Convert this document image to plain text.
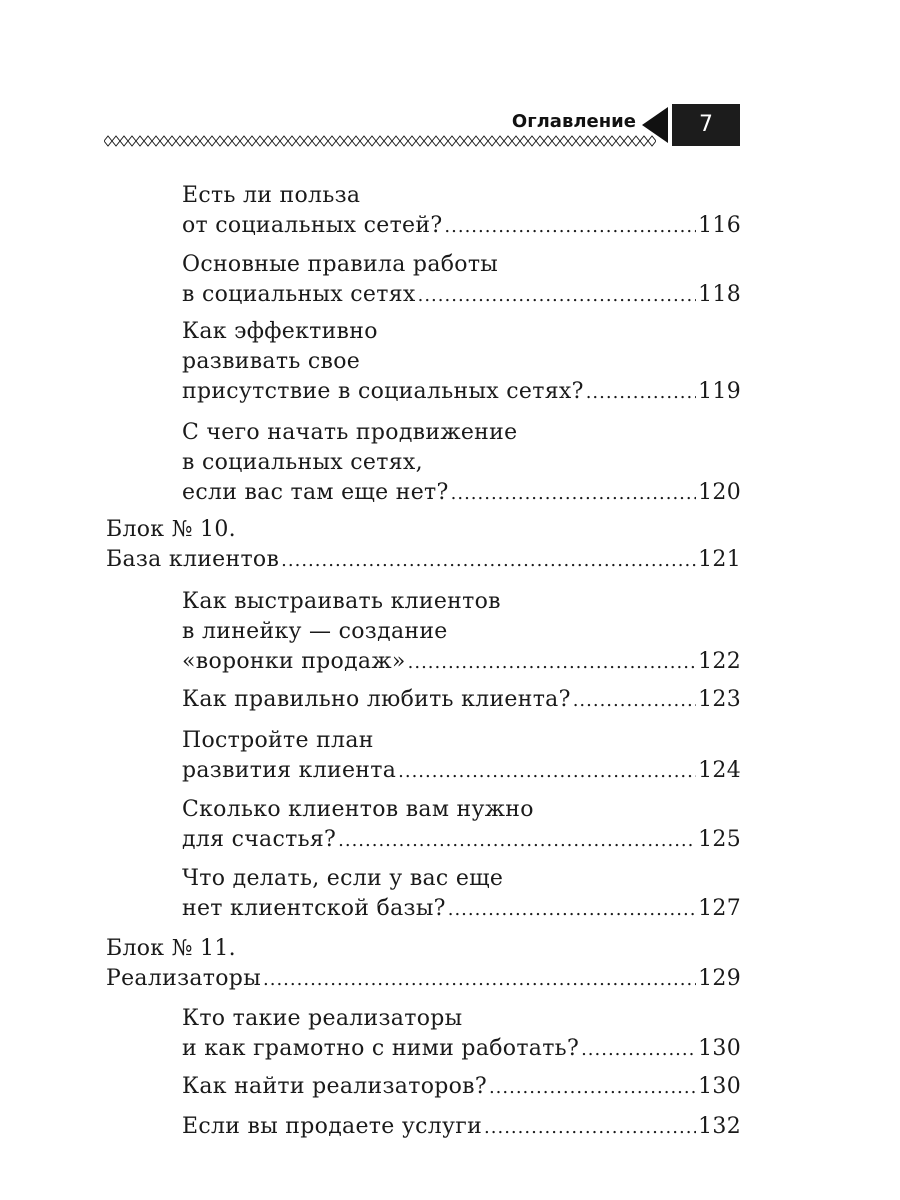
Оглавление	7
Есть ли польза
от социальных сетей? .....	116
Основные правила работы
в социальных сетях .....	118
Как эффективно
развивать свое
присутствие в социальных сетях? .....	119
С чего начать продвижение
в социальных сетях,
если вас там еще нет? .....	120
Блок № 10.
База клиентов .....	121
Как выстраивать клиентов
в линейку — создание
«воронки продаж» .....	122
Как правильно любить клиента? .....	123
Постройте план
развития клиента .....	124
Сколько клиентов вам нужно
для счастья? .....	125
Что делать, если у вас еще
нет клиентской базы? .....	127
Блок № 11.
Реализаторы .....	129
Кто такие реализаторы
и как грамотно с ними работать? .....	130
Как найти реализаторов? .....	130
Если вы продаете услуги .....	132
